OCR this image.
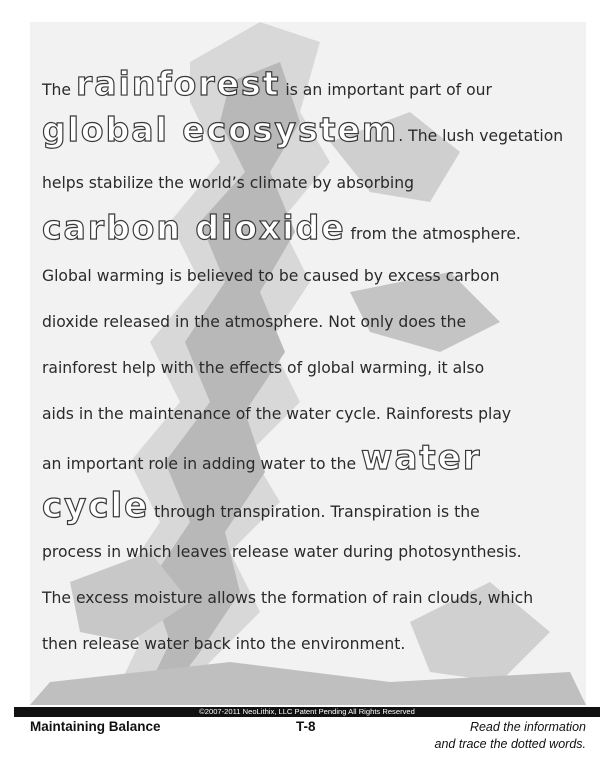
The rainforest is an important part of our
global ecosystem. The lush vegetation
helps stabilize the world’s climate by absorbing
carbon dioxide from the atmosphere.
Global warming is believed to be caused by excess carbon
dioxide released in the atmosphere. Not only does the
rainforest help with the effects of global warming, it also
aids in the maintenance of the water cycle. Rainforests play
an important role in adding water to the water
cycle through transpiration. Transpiration is the
process in which leaves release water during photosynthesis.
The excess moisture allows the formation of rain clouds, which
then release water back into the environment.
©2007-2011 NeoLithix, LLC Patent Pending All Rights Reserved
Maintaining Balance	T-8	Read the information
and trace the dotted words.
